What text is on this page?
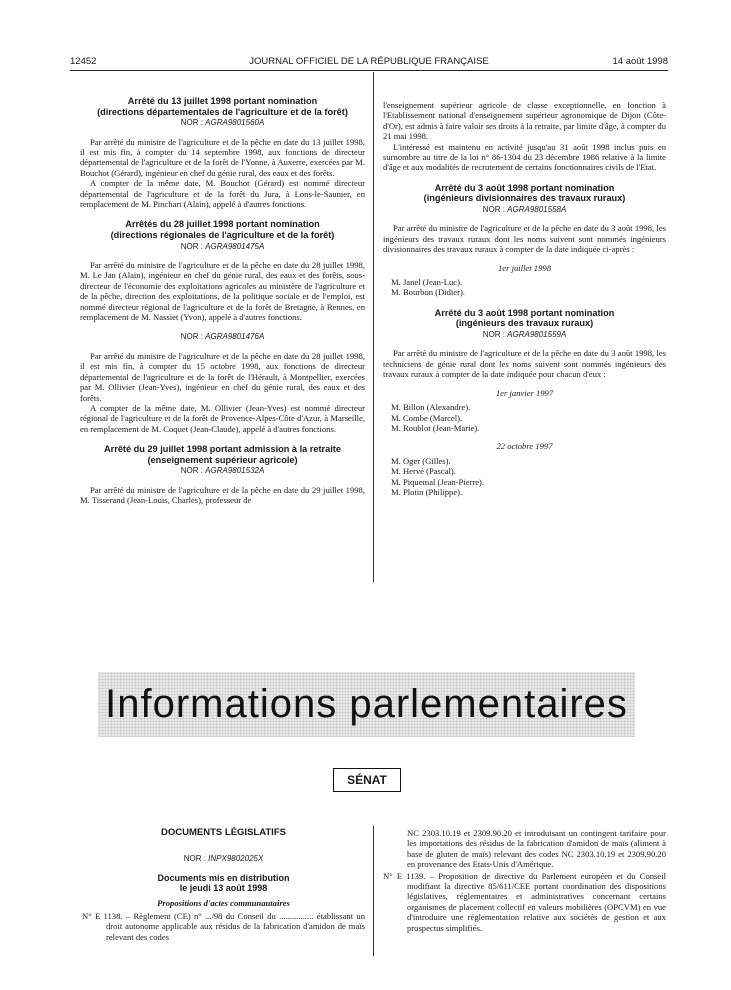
12452	JOURNAL OFFICIEL DE LA RÉPUBLIQUE FRANÇAISE	14 août 1998
Arrêté du 13 juillet 1998 portant nomination
(directions départementales de l'agriculture et de la forêt)
NOR : AGRA9801560A

Par arrêté du ministre de l'agriculture et de la pêche en date du 13 juillet 1998, il est mis fin, à compter du 14 septembre 1998, aux fonctions de directeur départemental de l'agriculture et de la forêt de l'Yonne, à Auxerre, exercées par M. Bouchot (Gérard), ingénieur en chef du génie rural, des eaux et des forêts.

A compter de la même date, M. Bouchot (Gérard) est nommé directeur départemental de l'agriculture et de la forêt du Jura, à Lons-le-Saunier, en remplacement de M. Pinchart (Alain), appelé à d'autres fonctions.

Arrêtés du 28 juillet 1998 portant nomination
(directions régionales de l'agriculture et de la forêt)
NOR : AGRA9801475A

Par arrêté du ministre de l'agriculture et de la pêche en date du 28 juillet 1998, M. Le Jan (Alain), ingénieur en chef du génie rural, des eaux et des forêts, sous-directeur de l'économie des exploitations agricoles au ministère de l'agriculture et de la pêche, direction des exploitations, de la politique sociale et de l'emploi, est nommé directeur régional de l'agriculture et de la forêt de Bretagne, à Rennes, en remplacement de M. Nassiet (Yvon), appelé à d'autres fonctions.

NOR : AGRA9801476A

Par arrêté du ministre de l'agriculture et de la pêche en date du 28 juillet 1998, il est mis fin, à compter du 15 octobre 1998, aux fonctions de directeur départemental de l'agriculture et de la forêt de l'Hérault, à Montpellier, exercées par M. Ollivier (Jean-Yves), ingénieur en chef du génie rural, des eaux et des forêts.

A compter de la même date, M. Ollivier (Jean-Yves) est nommé directeur régional de l'agriculture et de la forêt de Provence-Alpes-Côte d'Azur, à Marseille, en remplacement de M. Coquet (Jean-Claude), appelé à d'autres fonctions.

Arrêté du 29 juillet 1998 portant admission à la retraite
(enseignement supérieur agricole)
NOR : AGRA9801532A

Par arrêté du ministre de l'agriculture et de la pêche en date du 29 juillet 1998, M. Tisserand (Jean-Louis, Charles), professeur de

l'enseignement supérieur agricole de classe exceptionnelle, en fonction à l'Etablissement national d'enseignement supérieur agronomique de Dijon (Côte-d'Or), est admis à faire valoir ses droits à la retraite, par limite d'âge, à compter du 21 mai 1998.

L'intéressé est maintenu en activité jusqu'au 31 août 1998 inclus puis en surnombre au titre de la loi n° 86-1304 du 23 décembre 1986 relative à la limite d'âge et aux modalités de recrutement de certains fonctionnaires civils de l'Etat.

Arrêté du 3 août 1998 portant nomination
(ingénieurs divisionnaires des travaux ruraux)
NOR : AGRA9801558A

Par arrêté du ministre de l'agriculture et de la pêche en date du 3 août 1998, les ingénieurs des travaux ruraux dont les noms suivent sont nommés ingénieurs divisionnaires des travaux ruraux à compter de la date indiquée ci-après :

1er juillet 1998

M. Janel (Jean-Luc).

M. Bourbon (Didier).

Arrêté du 3 août 1998 portant nomination
(ingénieurs des travaux ruraux)
NOR : AGRA9801559A

Par arrêté du ministre de l'agriculture et de la pêche en date du 3 août 1998, les techniciens de génie rural dont les noms suivent sont nommés ingénieurs des travaux ruraux à compter de la date indiquée pour chacun d'eux :

1er janvier 1997

M. Billon (Alexandre).

M. Combe (Marcel).

M. Roublot (Jean-Marie).

22 octobre 1997

M. Oger (Gilles).

M. Hervé (Pascal).

M. Piquemal (Jean-Pierre).

M. Plotin (Philippe).

Informations parlementaires
SÉNAT
DOCUMENTS LÉGISLATIFS
NOR : INPX9802025X
Documents mis en distribution
le jeudi 13 août 1998
Propositions d'actes communautaires

N° E 1138. – Règlement (CE) n° .../98 du Conseil du ................ établissant un droit autonome applicable aux résidus de la fabrication d'amidon de maïs relevant des codes

NC 2303.10.19 et 2309.90.20 et introduisant un contingent tarifaire pour les importations des résidus de la fabrication d'amidon de maïs (aliment à base de gluten de maïs) relevant des codes NC 2303.10.19 et 2309.90.20 en provenance des Etats-Unis d'Amérique.

N° E 1139. – Proposition de directive du Parlement européen et du Conseil modifiant la directive 85/611/CEE portant coordination des dispositions législatives, réglementaires et administratives concernant certains organismes de placement collectif en valeurs mobilières (OPCVM) en vue d'introduire une réglementation relative aux sociétés de gestion et aux prospectus simplifiés.
